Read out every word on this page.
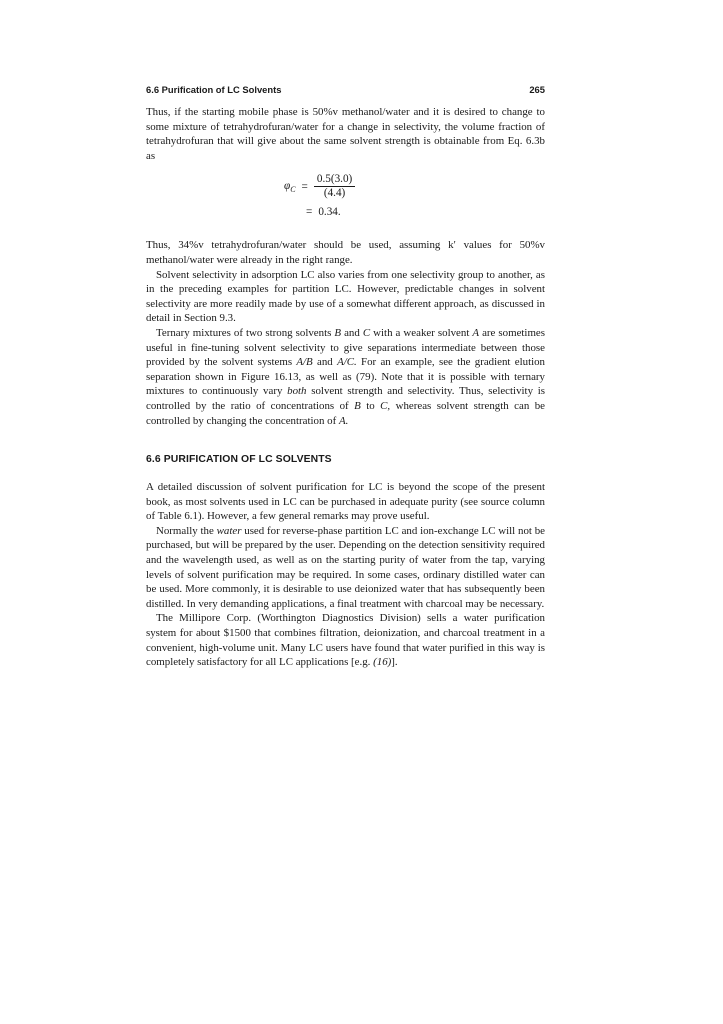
6.6 Purification of LC Solvents	265

Thus, if the starting mobile phase is 50%v methanol/water and it is desired to change to some mixture of tetrahydrofuran/water for a change in selectivity, the volume fraction of tetrahydrofuran that will give about the same solvent strength is obtainable from Eq. 6.3b as

$\varphi_C = \frac{0.5(3.0)}{(4.4)}$
= 0.34.

Thus, 34%v tetrahydrofuran/water should be used, assuming k′ values for 50%v methanol/water were already in the right range.

Solvent selectivity in adsorption LC also varies from one selectivity group to another, as in the preceding examples for partition LC. However, predictable changes in solvent selectivity are more readily made by use of a somewhat different approach, as discussed in detail in Section 9.3.

Ternary mixtures of two strong solvents B and C with a weaker solvent A are sometimes useful in fine-tuning solvent selectivity to give separations intermediate between those provided by the solvent systems A/B and A/C. For an example, see the gradient elution separation shown in Figure 16.13, as well as (79). Note that it is possible with ternary mixtures to continuously vary both solvent strength and selectivity. Thus, selectivity is controlled by the ratio of concentrations of B to C, whereas solvent strength can be controlled by changing the concentration of A.

6.6 PURIFICATION OF LC SOLVENTS

A detailed discussion of solvent purification for LC is beyond the scope of the present book, as most solvents used in LC can be purchased in adequate purity (see source column of Table 6.1). However, a few general remarks may prove useful.

Normally the water used for reverse-phase partition LC and ion-exchange LC will not be purchased, but will be prepared by the user. Depending on the detection sensitivity required and the wavelength used, as well as on the starting purity of water from the tap, varying levels of solvent purification may be required. In some cases, ordinary distilled water can be used. More commonly, it is desirable to use deionized water that has subsequently been distilled. In very demanding applications, a final treatment with charcoal may be necessary.

The Millipore Corp. (Worthington Diagnostics Division) sells a water purification system for about $1500 that combines filtration, deionization, and charcoal treatment in a convenient, high-volume unit. Many LC users have found that water purified in this way is completely satisfactory for all LC applications [e.g. (16)].
